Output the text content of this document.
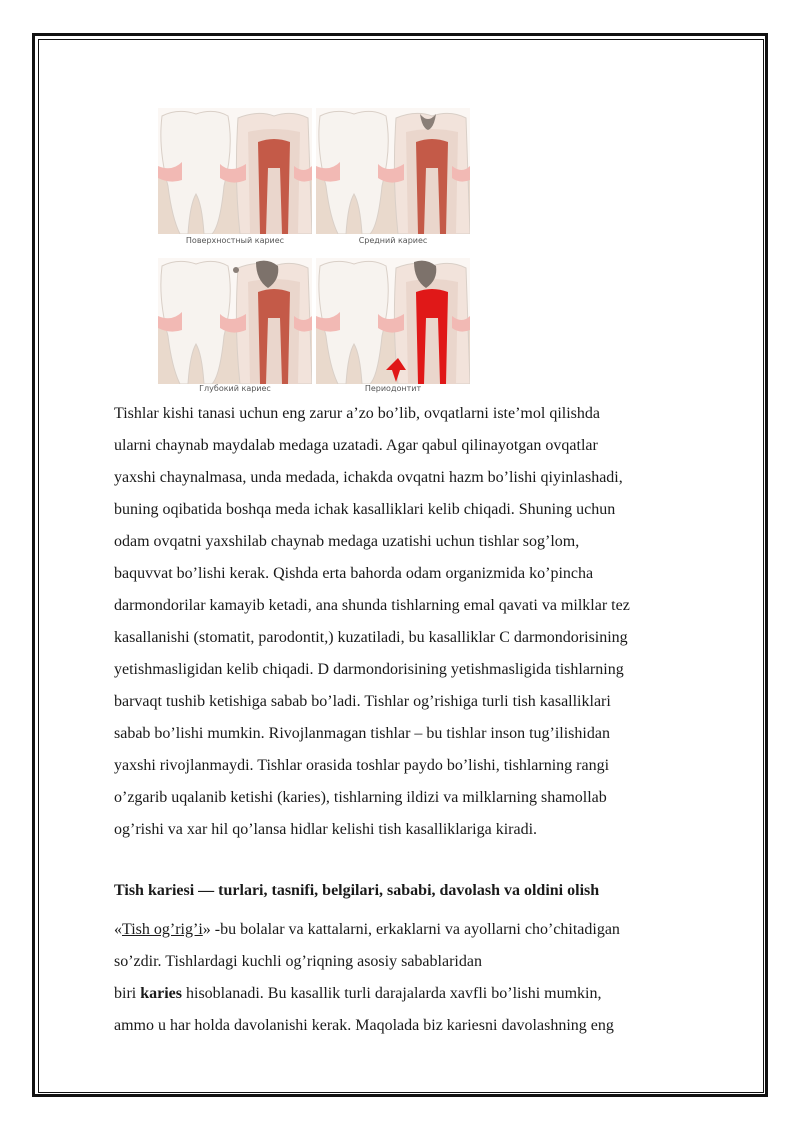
Поверхностный кариес	Средний кариес
Глубокий кариес	Периодонтит

Tishlar kishi tanasi uchun eng zarur a’zo bo’lib, ovqatlarni iste’mol qilishda

ularni chaynab maydalab medaga uzatadi. Agar qabul qilinayotgan ovqatlar

yaxshi chaynalmasa, unda medada, ichakda ovqatni hazm bo’lishi qiyinlashadi,

buning oqibatida boshqa meda ichak kasalliklari kelib chiqadi. Shuning uchun

odam ovqatni yaxshilab chaynab medaga uzatishi uchun tishlar sog’lom,

baquvvat bo’lishi kerak. Qishda erta bahorda odam organizmida ko’pincha

darmondorilar kamayib ketadi, ana shunda tishlarning emal qavati va milklar tez

kasallanishi (stomatit, parodontit,) kuzatiladi, bu kasalliklar C darmondorisining

yetishmasligidan kelib chiqadi. D darmondorisining yetishmasligida tishlarning

barvaqt tushib ketishiga sabab bo’ladi. Tishlar og’rishiga turli tish kasalliklari

sabab bo’lishi mumkin. Rivojlanmagan tishlar – bu tishlar inson tug’ilishidan

yaxshi rivojlanmaydi. Tishlar orasida toshlar paydo bo’lishi, tishlarning rangi

o’zgarib uqalanib ketishi (karies), tishlarning ildizi va milklarning shamollab

og’rishi va xar hil qo’lansa hidlar kelishi tish kasalliklariga kiradi.

Tish kariesi — turlari, tasnifi, belgilari, sababi, davolash va oldini olish

«Tish og’rig’i» -bu bolalar va kattalarni, erkaklarni va ayollarni cho’chitadigan

so’zdir. Tishlardagi kuchli og’riqning asosiy sabablaridan

biri karies hisoblanadi. Bu kasallik turli darajalarda xavfli bo’lishi mumkin,

ammo u har holda davolanishi kerak. Maqolada biz kariesni davolashning eng
